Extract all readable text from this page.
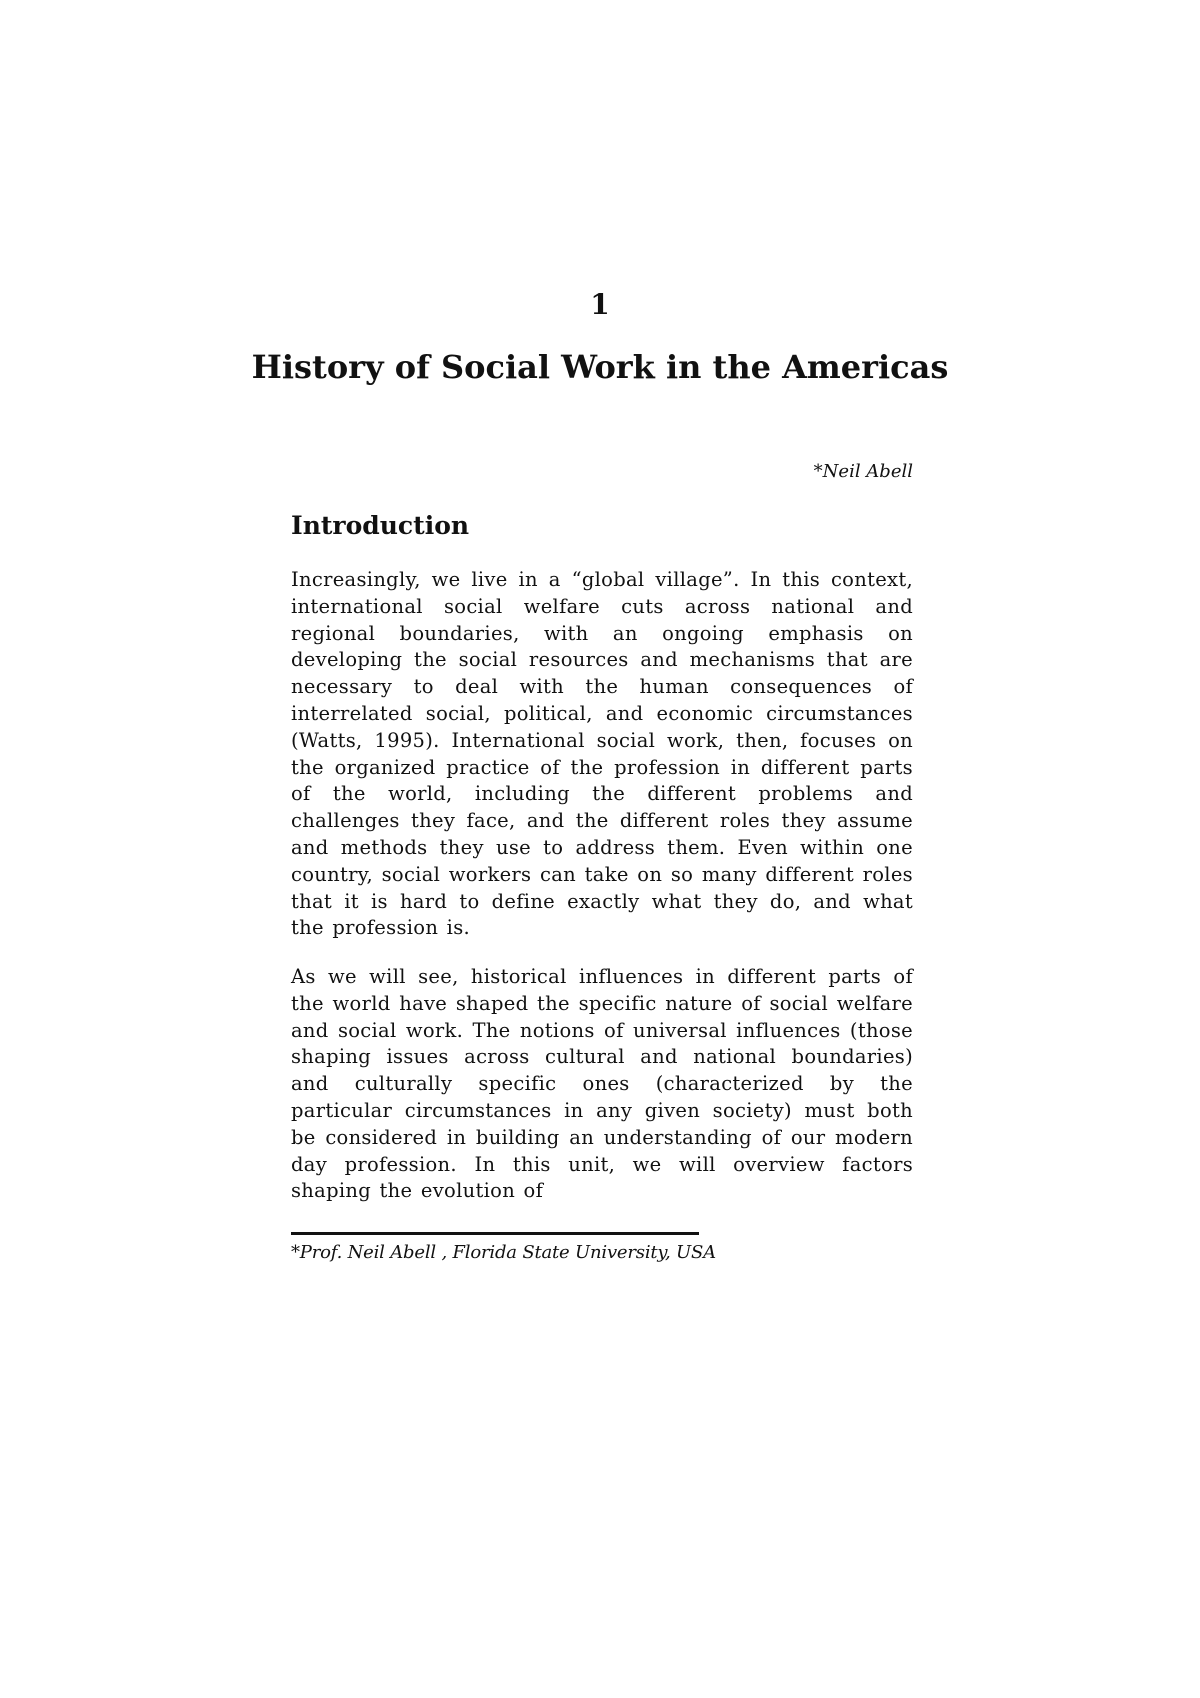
1
History of Social Work in the Americas
*Neil Abell
Introduction

Increasingly, we live in a “global village”. In this context, international social welfare cuts across national and regional boundaries, with an ongoing emphasis on developing the social resources and mechanisms that are necessary to deal with the human consequences of interrelated social, political, and economic circumstances (Watts, 1995). International social work, then, focuses on the organized practice of the profession in different parts of the world, including the different problems and challenges they face, and the different roles they assume and methods they use to address them. Even within one country, social workers can take on so many different roles that it is hard to define exactly what they do, and what the profession is.

As we will see, historical influences in different parts of the world have shaped the specific nature of social welfare and social work. The notions of universal influences (those shaping issues across cultural and national boundaries) and culturally specific ones (characterized by the particular circumstances in any given society) must both be considered in building an understanding of our modern day profession. In this unit, we will overview factors shaping the evolution of

*Prof. Neil Abell , Florida State University, USA
